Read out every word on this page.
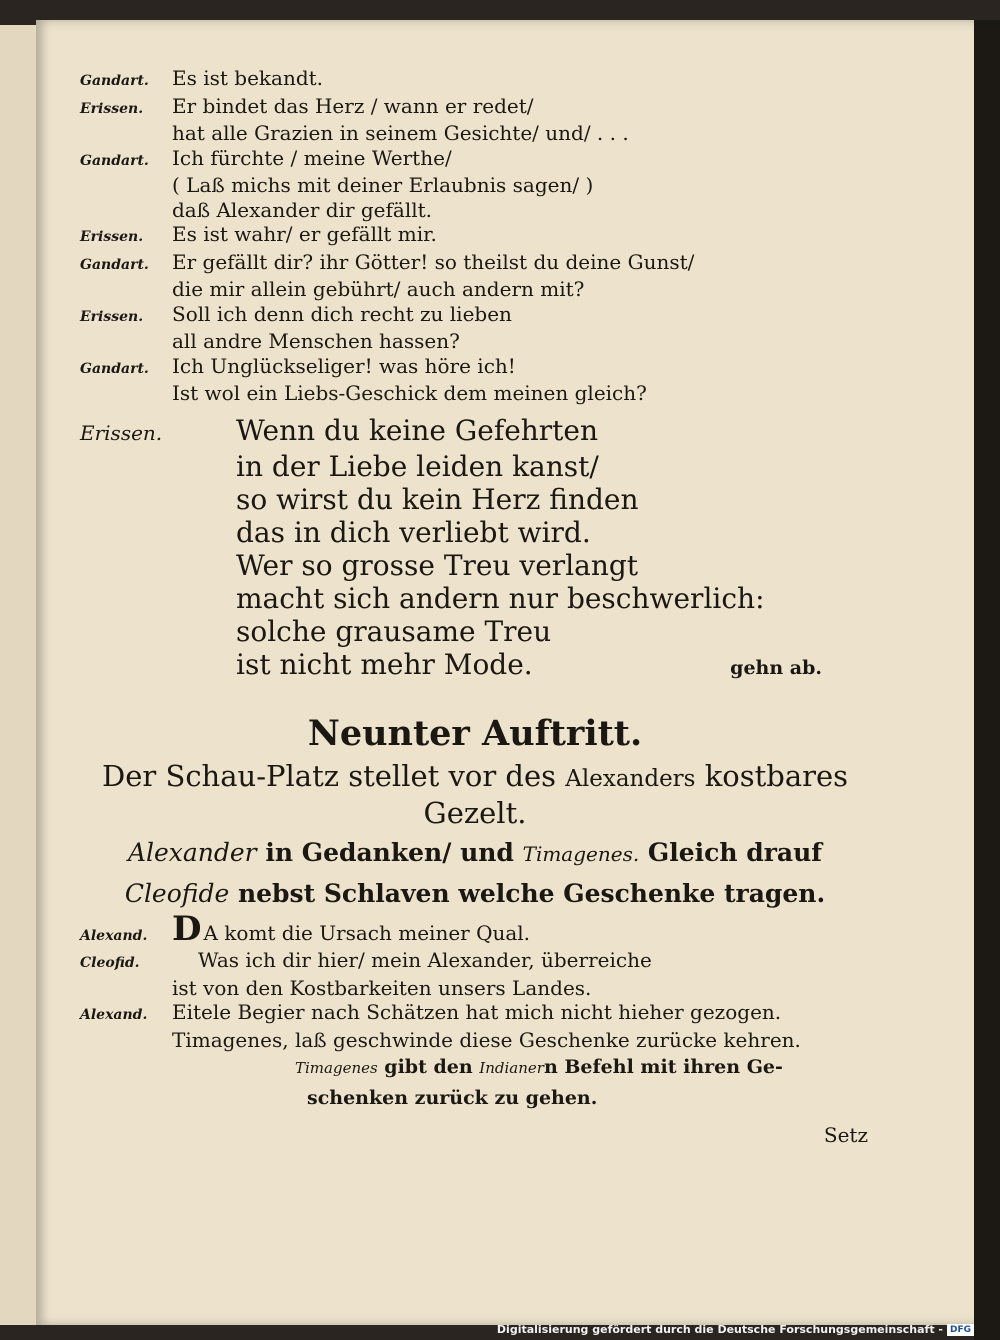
Gandart.	Es ist bekandt.
Erissen.	Er bindet das Herz / wann er redet/
hat alle Grazien in seinem Gesichte/ und/ . . .
Gandart.	Ich fürchte / meine Werthe/
( Laß michs mit deiner Erlaubnis sagen/ )
daß Alexander dir gefällt.
Erissen.	Es ist wahr/ er gefällt mir.
Gandart.	Er gefällt dir? ihr Götter! so theilst du deine Gunst/
die mir allein gebührt/ auch andern mit?
Erissen.	Soll ich denn dich recht zu lieben
all andre Menschen hassen?
Gandart.	Ich Unglückseliger! was höre ich!
Ist wol ein Liebs-Geschick dem meinen gleich?
Erissen.	Wenn du keine Gefehrten
in der Liebe leiden kanst/
so wirst du kein Herz finden
das in dich verliebt wird.
Wer so grosse Treu verlangt
macht sich andern nur beschwerlich:
solche grausame Treu
ist nicht mehr Mode.	gehn ab.
Neunter Auftritt.
Der Schau-Platz stellet vor des Alexanders kostbares
Gezelt.
Alexander in Gedanken/ und Timagenes. Gleich drauf
Cleofide nebst Schlaven welche Geschenke tragen.
Alexand. D A komt die Ursach meiner Qual.
Cleofid.	Was ich dir hier/ mein Alexander, überreiche
ist von den Kostbarkeiten unsers Landes.
Alexand.	Eitele Begier nach Schätzen hat mich nicht hieher gezogen.
Timagenes, laß geschwinde diese Geschenke zurücke kehren.
Timagenes gibt den Indianern Befehl mit ihren Ge-
schenken zurück zu gehen.
Setz
Digitalisierung gefördert durch die Deutsche Forschungsgemeinschaft - DFG
